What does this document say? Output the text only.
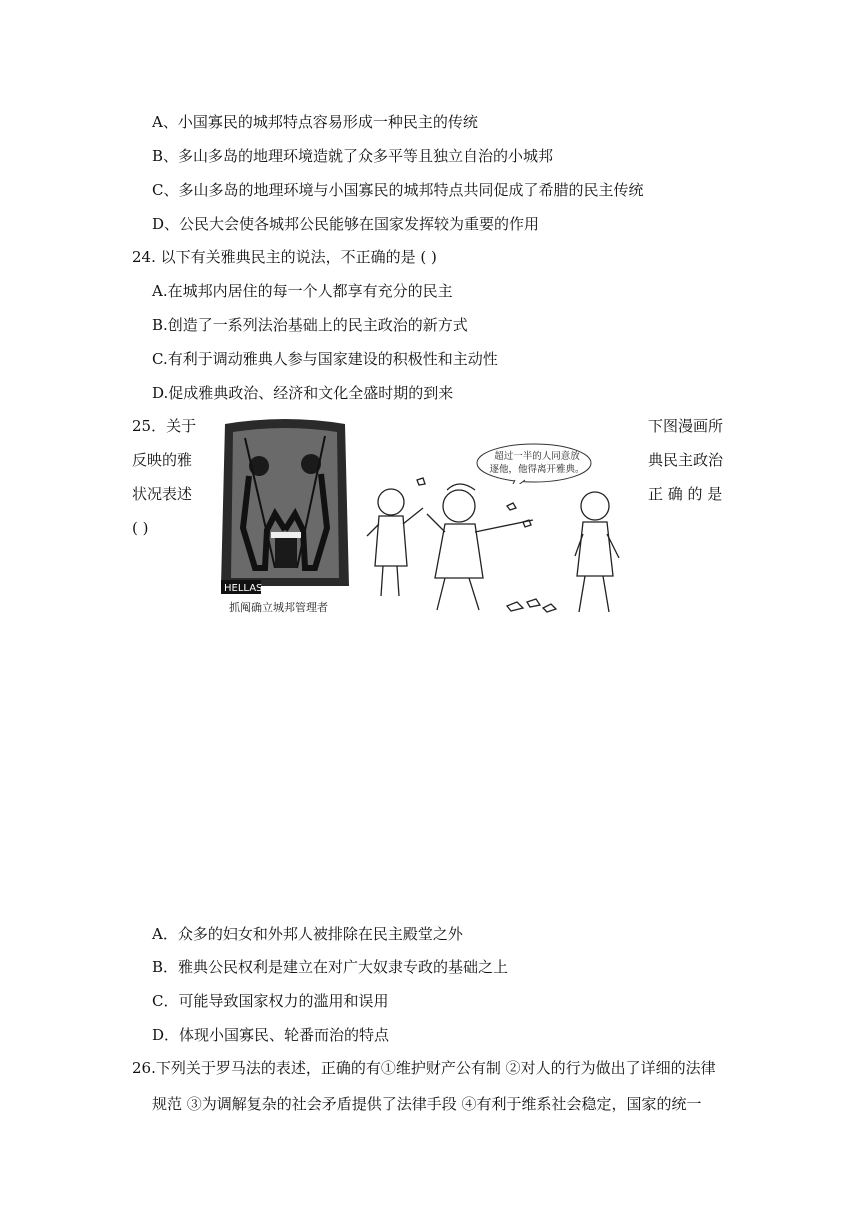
A、小国寡民的城邦特点容易形成一种民主的传统
B、多山多岛的地理环境造就了众多平等且独立自治的小城邦
C、多山多岛的地理环境与小国寡民的城邦特点共同促成了希腊的民主传统
D、公民大会使各城邦公民能够在国家发挥较为重要的作用
24. 以下有关雅典民主的说法，不正确的是 ( )
A.在城邦内居住的每一个人都享有充分的民主
B.创造了一系列法治基础上的民主政治的新方式
C.有利于调动雅典人参与国家建设的积极性和主动性
D.促成雅典政治、经济和文化全盛时期的到来
25．关于
反映的雅
状况表述
( )
下图漫画所
典民主政治
正 确 的 是
HELLAS
抓阄确立城邦管理者
超过一半的人同意放
逐他，他得离开雅典。
A．众多的妇女和外邦人被排除在民主殿堂之外
B．雅典公民权利是建立在对广大奴隶专政的基础之上
C．可能导致国家权力的滥用和误用
D．体现小国寡民、轮番而治的特点
26.下列关于罗马法的表述，正确的有①维护财产公有制 ②对人的行为做出了详细的法律
规范 ③为调解复杂的社会矛盾提供了法律手段 ④有利于维系社会稳定，国家的统一
